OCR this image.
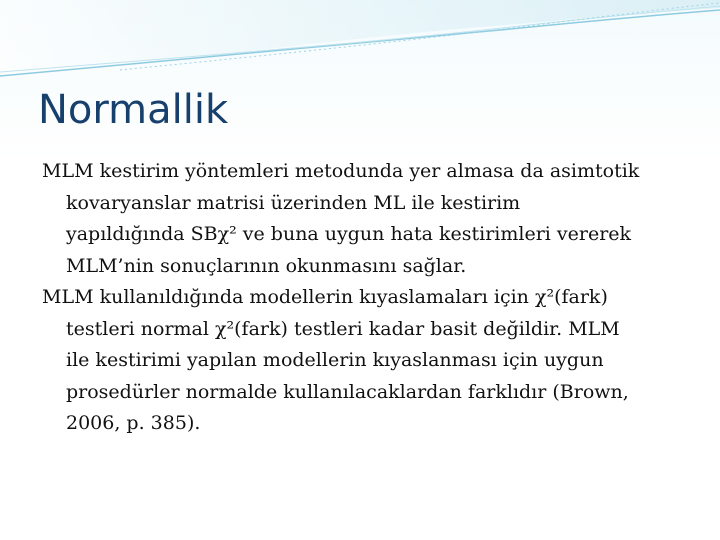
Normallik

MLM kestirim yöntemleri metodunda yer almasa da asimtotik kovaryanslar matrisi üzerinden ML ile kestirim yapıldığında SBχ² ve buna uygun hata kestirimleri vererek MLM’nin sonuçlarının okunmasını sağlar.

MLM kullanıldığında modellerin kıyaslamaları için χ²(fark) testleri normal χ²(fark) testleri kadar basit değildir. MLM ile kestirimi yapılan modellerin kıyaslanması için uygun prosedürler normalde kullanılacaklardan farklıdır (Brown, 2006, p. 385).
